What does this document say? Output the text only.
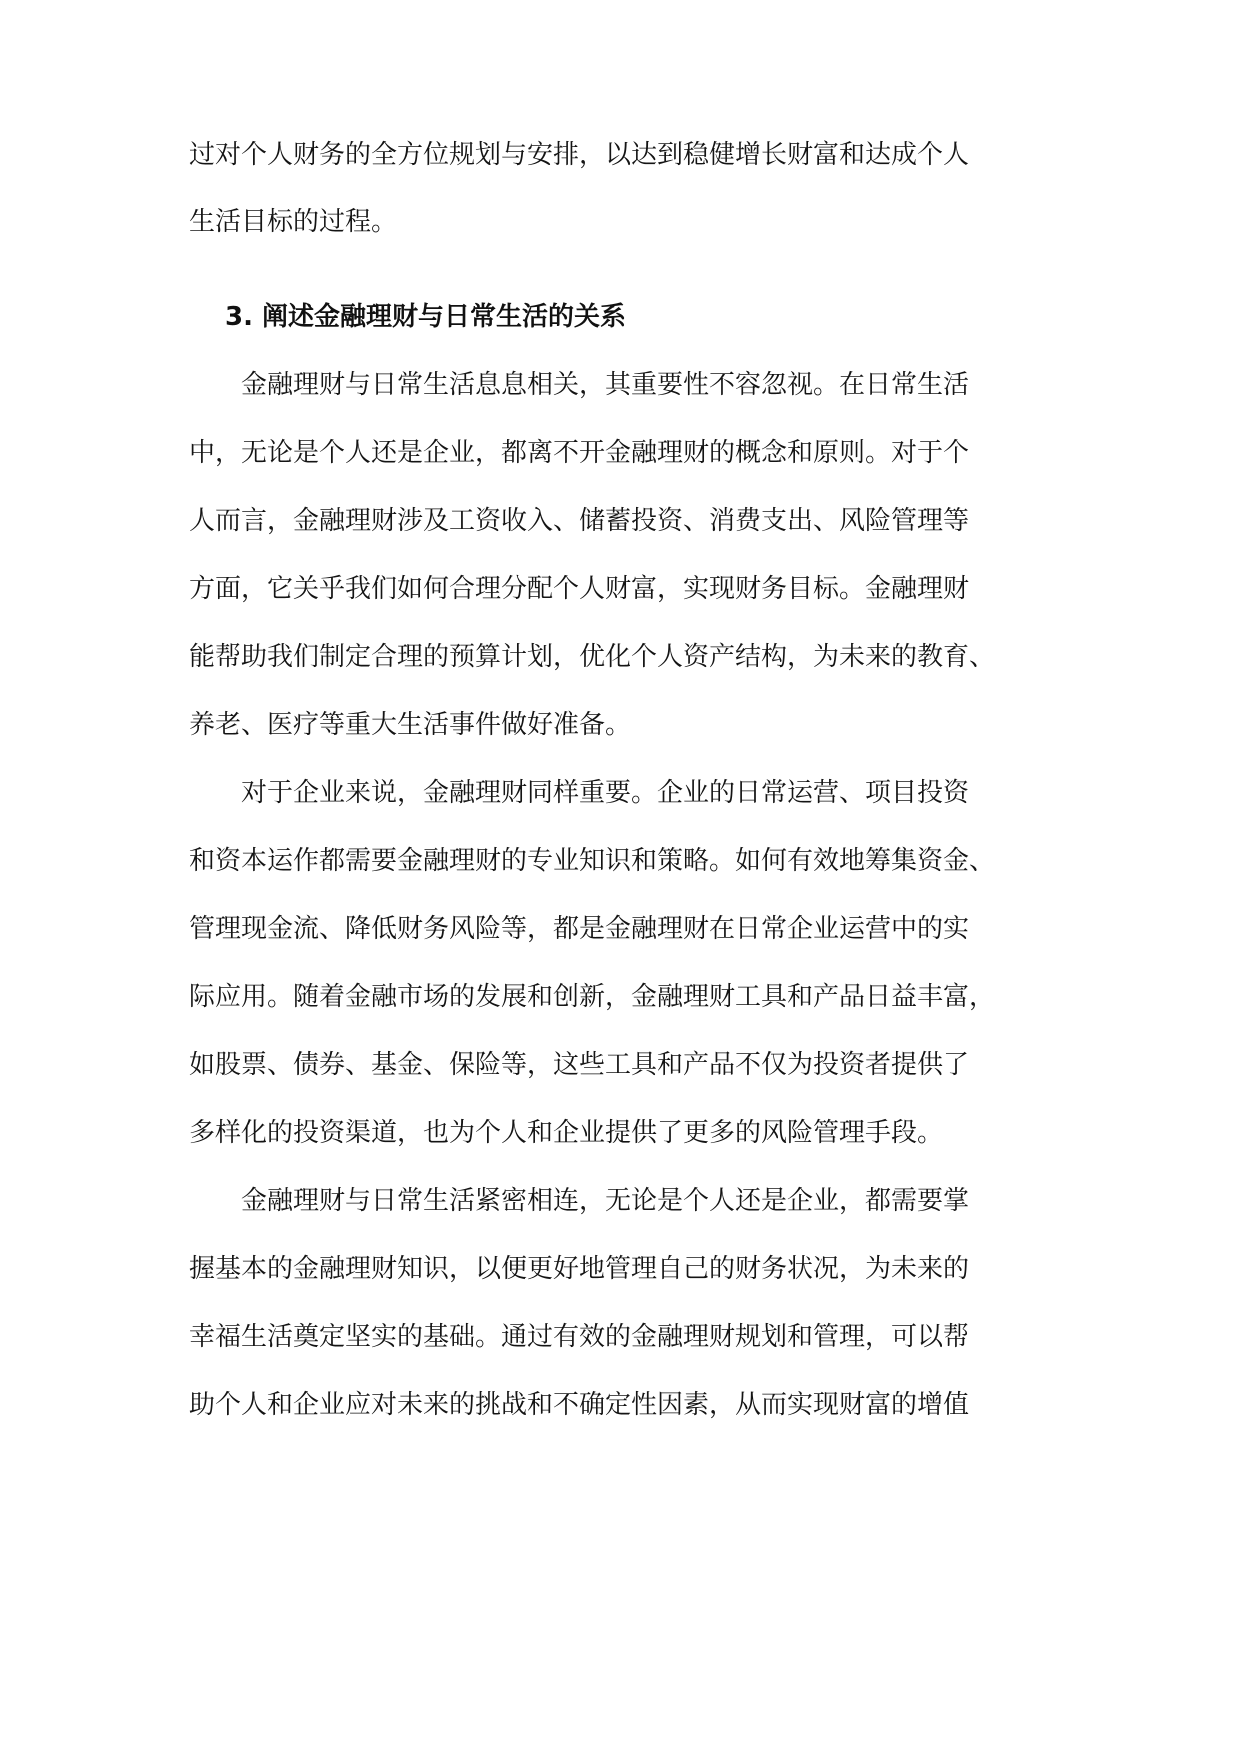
过对个人财务的全方位规划与安排，以达到稳健增长财富和达成个人
生活目标的过程。
3. 阐述金融理财与日常生活的关系
金融理财与日常生活息息相关，其重要性不容忽视。在日常生活
中，无论是个人还是企业，都离不开金融理财的概念和原则。对于个
人而言，金融理财涉及工资收入、储蓄投资、消费支出、风险管理等
方面，它关乎我们如何合理分配个人财富，实现财务目标。金融理财
能帮助我们制定合理的预算计划，优化个人资产结构，为未来的教育、
养老、医疗等重大生活事件做好准备。
对于企业来说，金融理财同样重要。企业的日常运营、项目投资
和资本运作都需要金融理财的专业知识和策略。如何有效地筹集资金、
管理现金流、降低财务风险等，都是金融理财在日常企业运营中的实
际应用。随着金融市场的发展和创新，金融理财工具和产品日益丰富，
如股票、债券、基金、保险等，这些工具和产品不仅为投资者提供了
多样化的投资渠道，也为个人和企业提供了更多的风险管理手段。
金融理财与日常生活紧密相连，无论是个人还是企业，都需要掌
握基本的金融理财知识，以便更好地管理自己的财务状况，为未来的
幸福生活奠定坚实的基础。通过有效的金融理财规划和管理，可以帮
助个人和企业应对未来的挑战和不确定性因素，从而实现财富的增值
